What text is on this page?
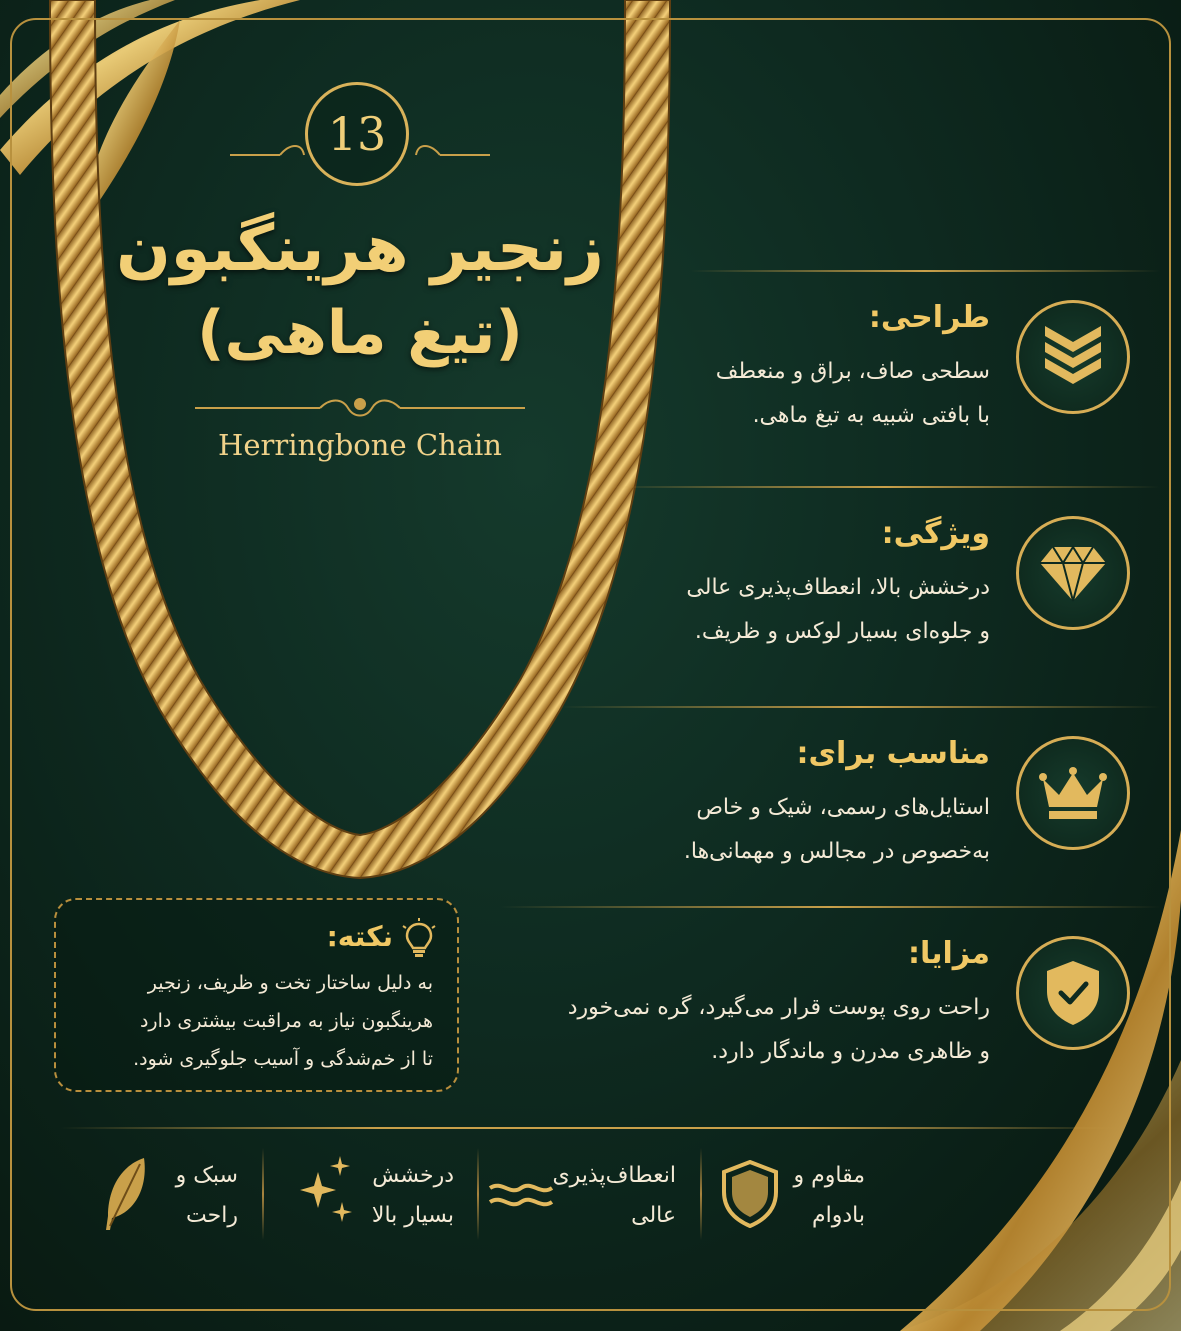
13
زنجیر هرینگبون
(تیغ ماهی)
Herringbone Chain
طراحی:
سطحی صاف، براق و منعطف
با بافتی شبیه به تیغ ماهی.
ویژگی:
درخشش بالا، انعطاف‌پذیری عالی
و جلوه‌ای بسیار لوکس و ظریف.
مناسب برای:
استایل‌های رسمی، شیک و خاص
به‌خصوص در مجالس و مهمانی‌ها.
مزایا:
راحت روی پوست قرار می‌گیرد، گره نمی‌خورد
و ظاهری مدرن و ماندگار دارد.
نکته:
به دلیل ساختار تخت و ظریف، زنجیر
هرینگبون نیاز به مراقبت بیشتری دارد
تا از خم‌شدگی و آسیب جلوگیری شود.
مقاوم و
بادوام
انعطاف‌پذیری
عالی
درخشش
بسیار بالا
سبک و
راحت
